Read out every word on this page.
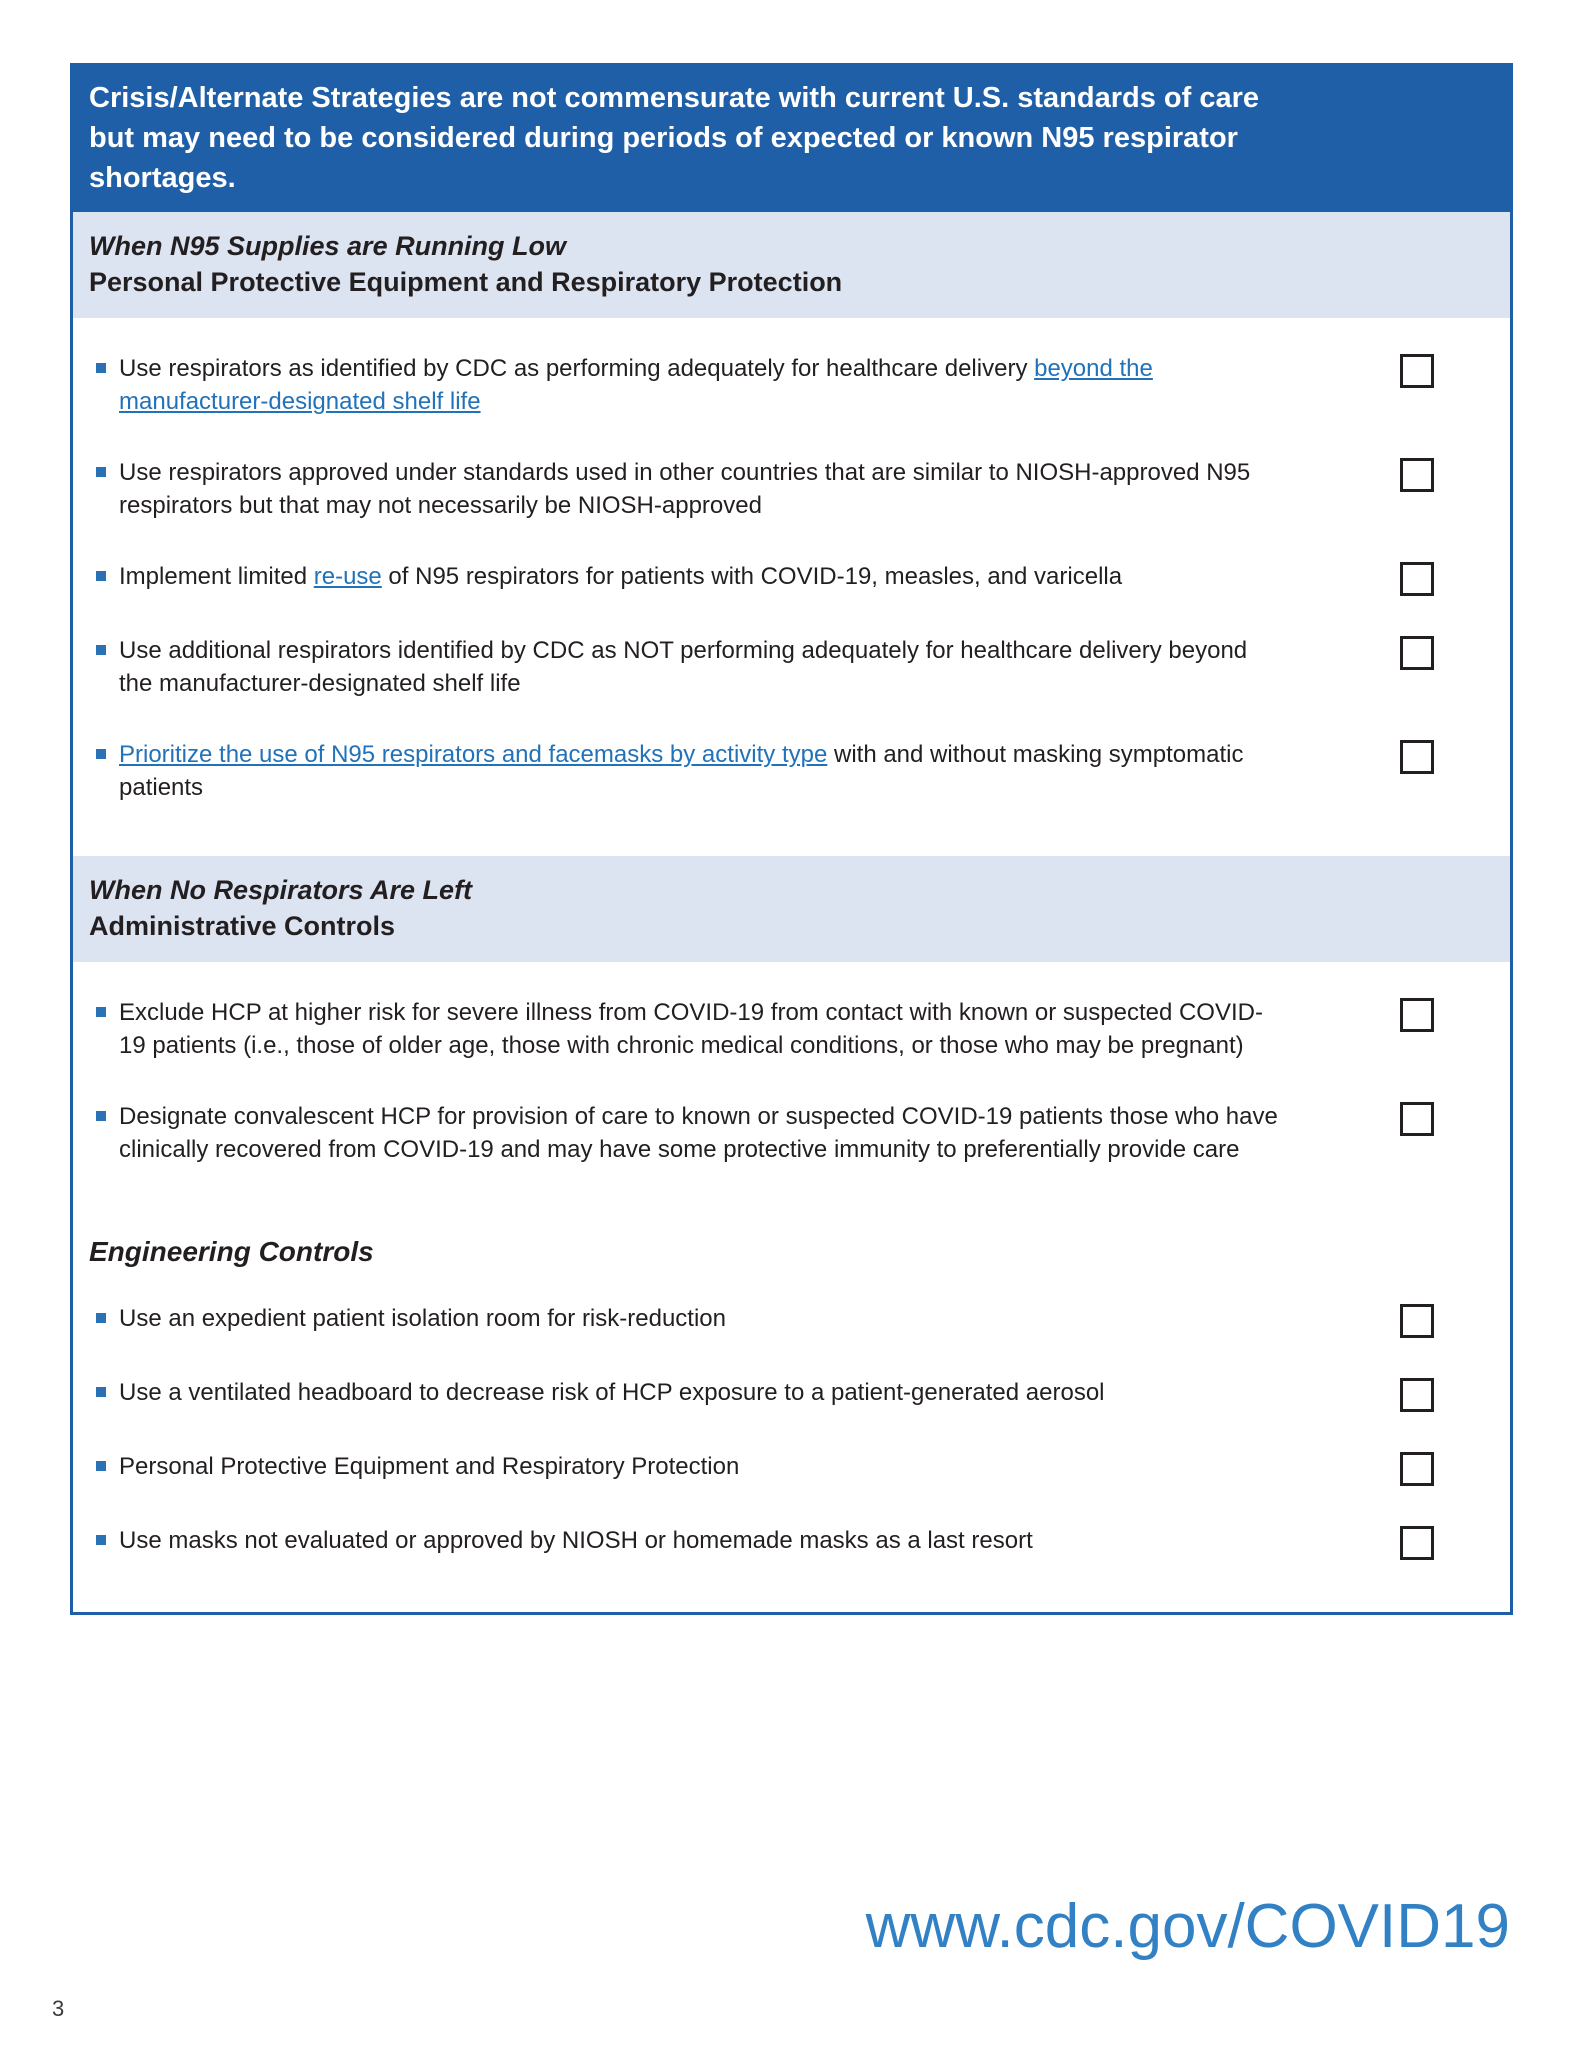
Crisis/Alternate Strategies are not commensurate with current U.S. standards of care
but may need to be considered during periods of expected or known N95 respirator
shortages.
When N95 Supplies are Running Low
Personal Protective Equipment and Respiratory Protection

Use respirators as identified by CDC as performing adequately for healthcare delivery beyond the manufacturer-designated shelf life

Use respirators approved under standards used in other countries that are similar to NIOSH-approved N95 respirators but that may not necessarily be NIOSH-approved

Implement limited re-use of N95 respirators for patients with COVID-19, measles, and varicella

Use additional respirators identified by CDC as NOT performing adequately for healthcare delivery beyond the manufacturer-designated shelf life

Prioritize the use of N95 respirators and facemasks by activity type with and without masking symptomatic patients

When No Respirators Are Left
Administrative Controls

Exclude HCP at higher risk for severe illness from COVID-19 from contact with known or suspected COVID-19 patients (i.e., those of older age, those with chronic medical conditions, or those who may be pregnant)

Designate convalescent HCP for provision of care to known or suspected COVID-19 patients those who have clinically recovered from COVID-19 and may have some protective immunity to preferentially provide care

Engineering Controls

Use an expedient patient isolation room for risk-reduction

Use a ventilated headboard to decrease risk of HCP exposure to a patient-generated aerosol

Personal Protective Equipment and Respiratory Protection

Use masks not evaluated or approved by NIOSH or homemade masks as a last resort

www.cdc.gov/COVID19
3
